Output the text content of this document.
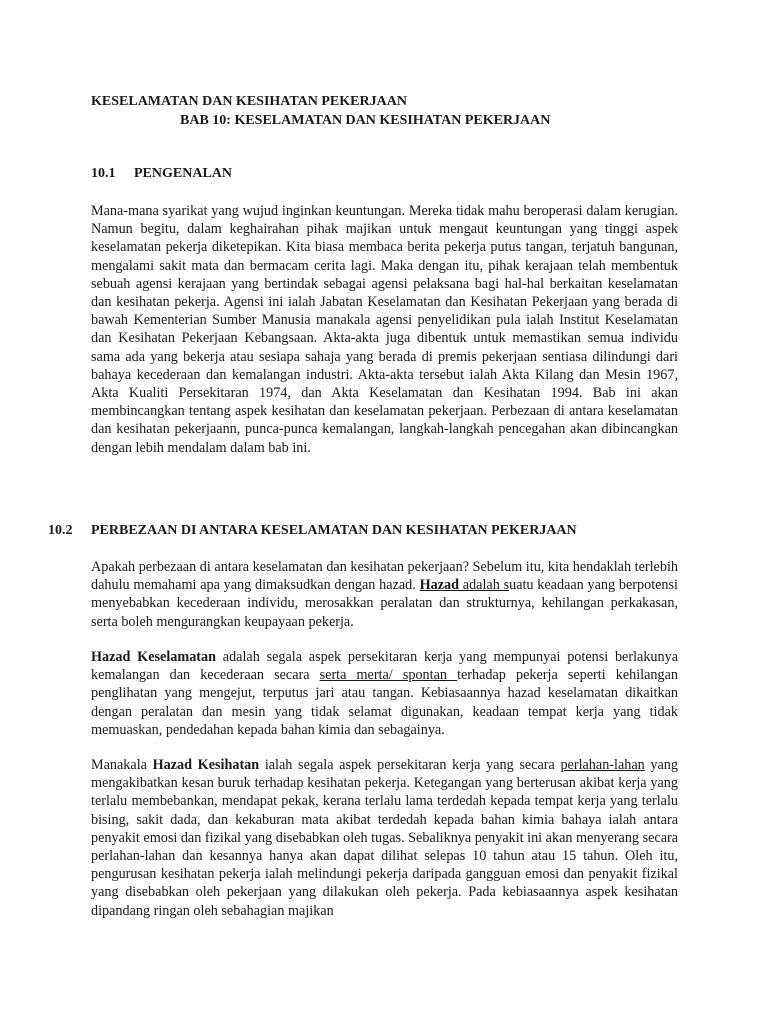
KESELAMATAN DAN KESIHATAN PEKERJAAN
BAB 10: KESELAMATAN DAN KESIHATAN PEKERJAAN
10.1 PENGENALAN

Mana-mana syarikat yang wujud inginkan keuntungan. Mereka tidak mahu beroperasi dalam kerugian. Namun begitu, dalam keghairahan pihak majikan untuk mengaut keuntungan yang tinggi aspek keselamatan pekerja diketepikan. Kita biasa membaca berita pekerja putus tangan, terjatuh bangunan, mengalami sakit mata dan bermacam cerita lagi. Maka dengan itu, pihak kerajaan telah membentuk sebuah agensi kerajaan yang bertindak sebagai agensi pelaksana bagi hal-hal berkaitan keselamatan dan kesihatan pekerja. Agensi ini ialah Jabatan Keselamatan dan Kesihatan Pekerjaan yang berada di bawah Kementerian Sumber Manusia manakala agensi penyelidikan pula ialah Institut Keselamatan dan Kesihatan Pekerjaan Kebangsaan. Akta-akta juga dibentuk untuk memastikan semua individu sama ada yang bekerja atau sesiapa sahaja yang berada di premis pekerjaan sentiasa dilindungi dari bahaya kecederaan dan kemalangan industri. Akta-akta tersebut ialah Akta Kilang dan Mesin 1967, Akta Kualiti Persekitaran 1974, dan Akta Keselamatan dan Kesihatan 1994. Bab ini akan membincangkan tentang aspek kesihatan dan keselamatan pekerjaan. Perbezaan di antara keselamatan dan kesihatan pekerjaann, punca-punca kemalangan, langkah-langkah pencegahan akan dibincangkan dengan lebih mendalam dalam bab ini.

10.2 PERBEZAAN DI ANTARA KESELAMATAN DAN KESIHATAN PEKERJAAN

Apakah perbezaan di antara keselamatan dan kesihatan pekerjaan? Sebelum itu, kita hendaklah terlebih dahulu memahami apa yang dimaksudkan dengan hazad. Hazad adalah suatu keadaan yang berpotensi menyebabkan kecederaan individu, merosakkan peralatan dan strukturnya, kehilangan perkakasan, serta boleh mengurangkan keupayaan pekerja.

Hazad Keselamatan adalah segala aspek persekitaran kerja yang mempunyai potensi berlakunya kemalangan dan kecederaan secara serta merta/ spontan terhadap pekerja seperti kehilangan penglihatan yang mengejut, terputus jari atau tangan. Kebiasaannya hazad keselamatan dikaitkan dengan peralatan dan mesin yang tidak selamat digunakan, keadaan tempat kerja yang tidak memuaskan, pendedahan kepada bahan kimia dan sebagainya.

Manakala Hazad Kesihatan ialah segala aspek persekitaran kerja yang secara perlahan-lahan yang mengakibatkan kesan buruk terhadap kesihatan pekerja. Ketegangan yang berterusan akibat kerja yang terlalu membebankan, mendapat pekak, kerana terlalu lama terdedah kepada tempat kerja yang terlalu bising, sakit dada, dan kekaburan mata akibat terdedah kepada bahan kimia bahaya ialah antara penyakit emosi dan fizikal yang disebabkan oleh tugas. Sebaliknya penyakit ini akan menyerang secara perlahan-lahan dan kesannya hanya akan dapat dilihat selepas 10 tahun atau 15 tahun. Oleh itu, pengurusan kesihatan pekerja ialah melindungi pekerja daripada gangguan emosi dan penyakit fizikal yang disebabkan oleh pekerjaan yang dilakukan oleh pekerja. Pada kebiasaannya aspek kesihatan dipandang ringan oleh sebahagian majikan
